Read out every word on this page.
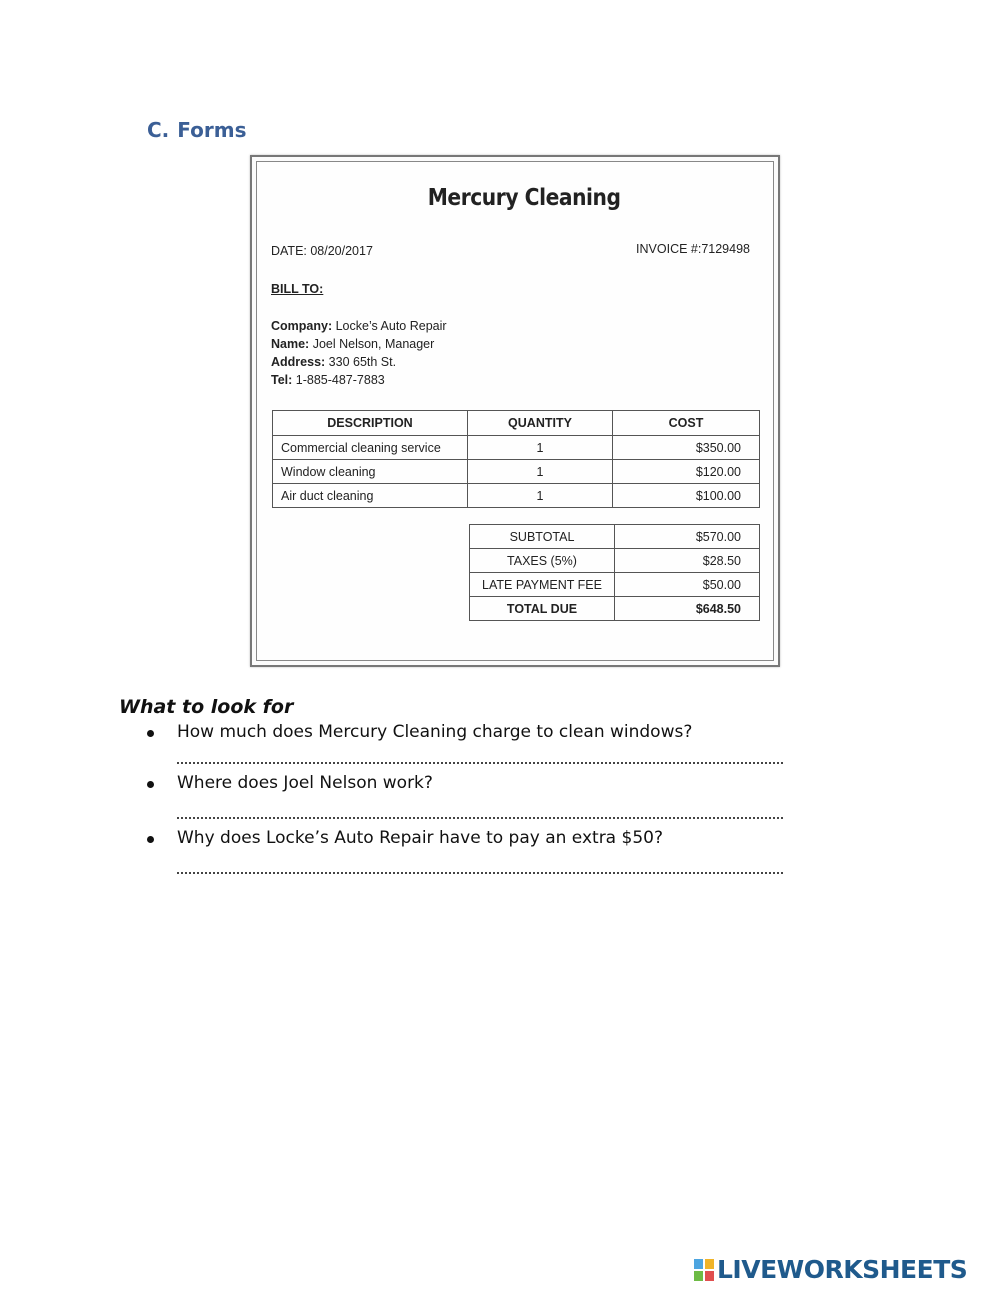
C. Forms
Mercury Cleaning
DATE: 08/20/2017	INVOICE #:7129498
BILL TO:
Company: Locke’s Auto Repair
Name: Joel Nelson, Manager
Address: 330 65th St.
Tel: 1-885-487-7883
DESCRIPTION	QUANTITY	COST
Commercial cleaning service	1	$350.00
Window cleaning	1	$120.00
Air duct cleaning	1	$100.00
SUBTOTAL	$570.00
TAXES (5%)	$28.50
LATE PAYMENT FEE	$50.00
TOTAL DUE	$648.50
What to look for
How much does Mercury Cleaning charge to clean windows?
Where does Joel Nelson work?
Why does Locke’s Auto Repair have to pay an extra $50?
LIVEWORKSHEETS
